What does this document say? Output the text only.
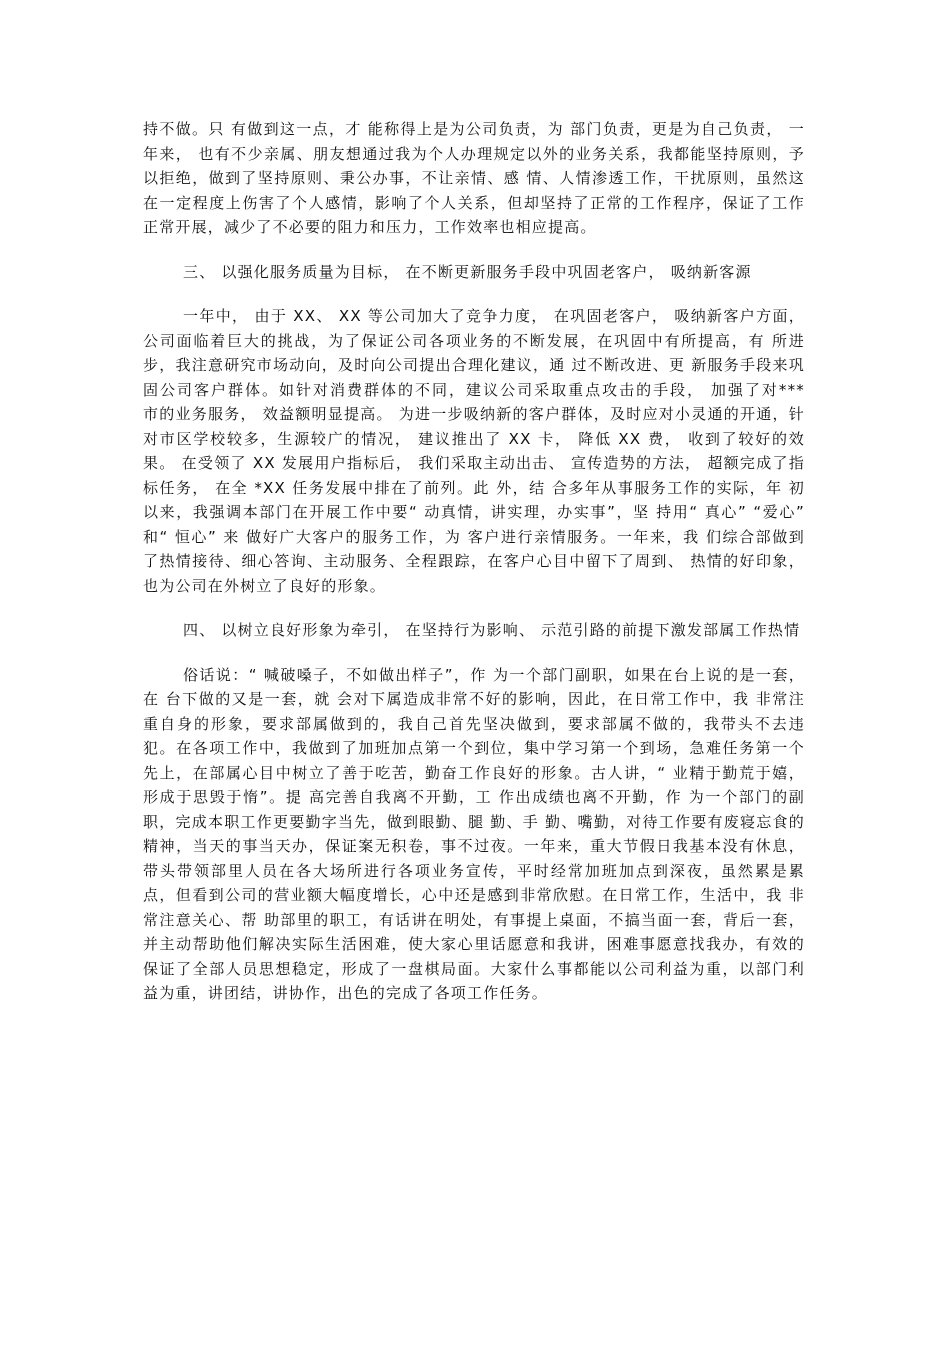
持不做。只 有做到这一点，才 能称得上是为公司负责，为 部门负责，更是为自己负责， 一年来， 也有不少亲属、朋友想通过我为个人办理规定以外的业务关系，我都能坚持原则，予以拒绝，做到了坚持原则、秉公办事，不让亲情、感 情、人情渗透工作，干扰原则，虽然这在一定程度上伤害了个人感情，影响了个人关系，但却坚持了正常的工作程序，保证了工作正常开展，减少了不必要的阻力和压力，工作效率也相应提高。

三、 以强化服务质量为目标， 在不断更新服务手段中巩固老客户， 吸纳新客源

一年中， 由于 XX、 XX 等公司加大了竞争力度， 在巩固老客户， 吸纳新客户方面，公司面临着巨大的挑战，为了保证公司各项业务的不断发展，在巩固中有所提高，有 所进步，我注意研究市场动向，及时向公司提出合理化建议，通 过不断改进、更 新服务手段来巩固公司客户群体。如针对消费群体的不同，建议公司采取重点攻击的手段， 加强了对***　市的业务服务， 效益额明显提高。 为进一步吸纳新的客户群体，及时应对小灵通的开通，针 对市区学校较多，生源较广的情况， 建议推出了 XX 卡， 降低 XX 费， 收到了较好的效果。 在受领了 XX 发展用户指标后， 我们采取主动出击、 宣传造势的方法， 超额完成了指标任务， 在全 *XX 任务发展中排在了前列。此 外，结 合多年从事服务工作的实际，年 初以来，我强调本部门在开展工作中要“ 动真情，讲实理，办实事”，坚 持用“ 真心” “爱心” 和“ 恒心” 来 做好广大客户的服务工作，为 客户进行亲情服务。一年来，我 们综合部做到了热情接待、细心答询、主动服务、全程跟踪，在客户心目中留下了周到、 热情的好印象， 也为公司在外树立了良好的形象。

四、 以树立良好形象为牵引， 在坚持行为影响、 示范引路的前提下激发部属工作热情

俗话说：“ 喊破嗓子，不如做出样子”，作 为一个部门副职，如果在台上说的是一套，在 台下做的又是一套，就 会对下属造成非常不好的影响，因此，在日常工作中，我 非常注重自身的形象，要求部属做到的，我自己首先坚决做到，要求部属不做的，我带头不去违犯。在各项工作中，我做到了加班加点第一个到位，集中学习第一个到场，急难任务第一个先上，在部属心目中树立了善于吃苦，勤奋工作良好的形象。古人讲，“ 业精于勤荒于嬉，形成于思毁于惰”。提 高完善自我离不开勤，工 作出成绩也离不开勤，作 为一个部门的副职，完成本职工作更要勤字当先，做到眼勤、腿 勤、手 勤、嘴勤，对待工作要有废寝忘食的精神，当天的事当天办，保证案无积卷，事不过夜。一年来，重大节假日我基本没有休息，带头带领部里人员在各大场所进行各项业务宣传，平时经常加班加点到深夜，虽然累是累点，但看到公司的营业额大幅度增长，心中还是感到非常欣慰。在日常工作，生活中，我 非常注意关心、帮 助部里的职工，有话讲在明处，有事提上桌面，不搞当面一套，背后一套，并主动帮助他们解决实际生活困难，使大家心里话愿意和我讲，困难事愿意找我办，有效的保证了全部人员思想稳定，形成了一盘棋局面。大家什么事都能以公司利益为重，以部门利益为重，讲团结，讲协作，出色的完成了各项工作任务。
